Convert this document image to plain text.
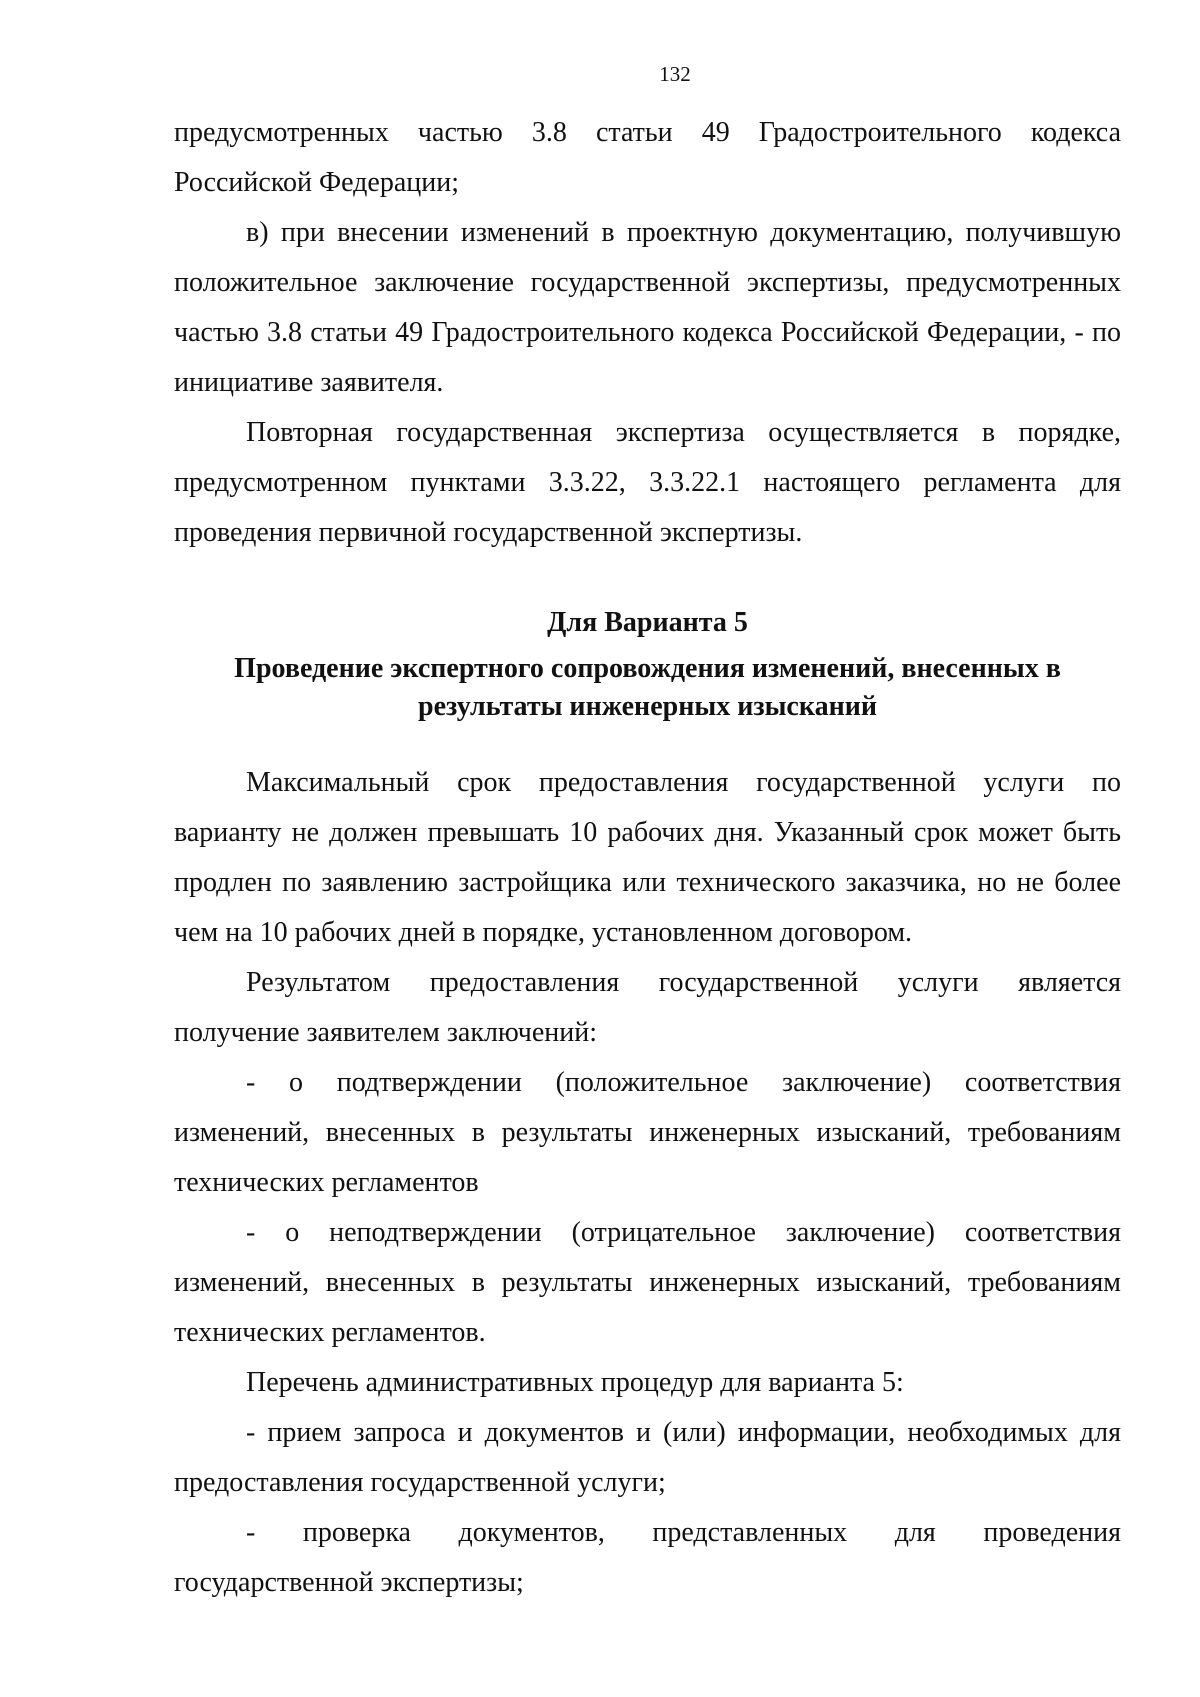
132

предусмотренных частью 3.8 статьи 49 Градостроительного кодекса Российской Федерации;

в) при внесении изменений в проектную документацию, получившую положительное заключение государственной экспертизы, предусмотренных частью 3.8 статьи 49 Градостроительного кодекса Российской Федерации, - по инициативе заявителя.

Повторная государственная экспертиза осуществляется в порядке, предусмотренном пунктами 3.3.22, 3.3.22.1 настоящего регламента для проведения первичной государственной экспертизы.

Для Варианта 5
Проведение экспертного сопровождения изменений, внесенных в
результаты инженерных изысканий

Максимальный срок предоставления государственной услуги по варианту не должен превышать 10 рабочих дня. Указанный срок может быть продлен по заявлению застройщика или технического заказчика, но не более чем на 10 рабочих дней в порядке, установленном договором.

Результатом предоставления государственной услуги является получение заявителем заключений:

- о подтверждении (положительное заключение) соответствия изменений, внесенных в результаты инженерных изысканий, требованиям технических регламентов

- о неподтверждении (отрицательное заключение) соответствия изменений, внесенных в результаты инженерных изысканий, требованиям технических регламентов.

Перечень административных процедур для варианта 5:

- прием запроса и документов и (или) информации, необходимых для предоставления государственной услуги;

- проверка документов, представленных для проведения государственной экспертизы;
